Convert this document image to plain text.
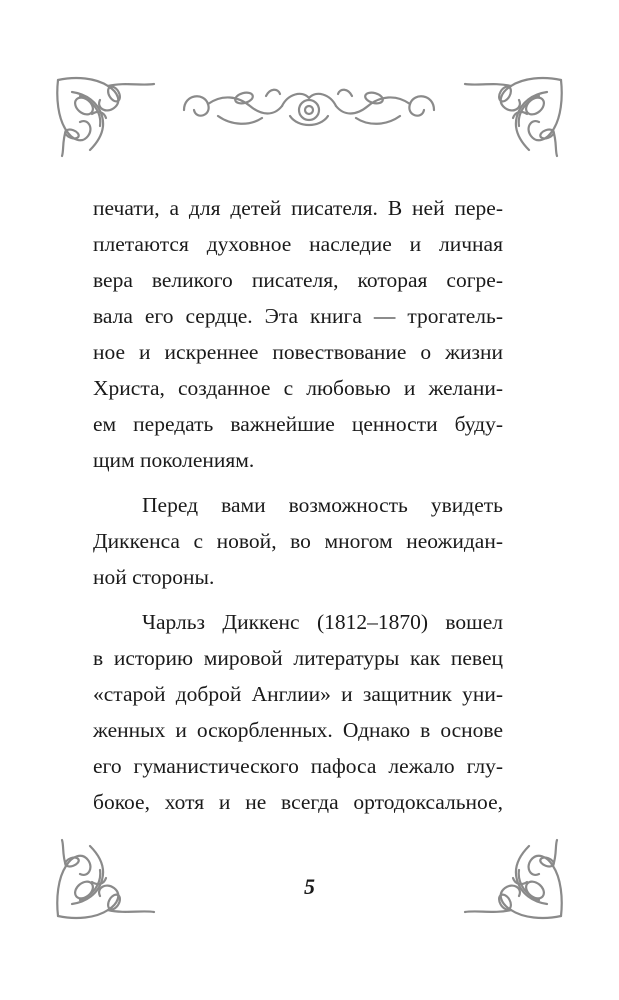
печати, а для детей писателя. В ней пере-
плетаются духовное наследие и личная
вера великого писателя, которая согре-
вала его сердце. Эта книга — трогатель-
ное и искреннее повествование о жизни
Христа, созданное с любовью и желани-
ем передать важнейшие ценности буду-
щим поколениям.

Перед вами возможность увидеть
Диккенса с новой, во многом неожидан-
ной стороны.

Чарльз Диккенс (1812–1870) вошел
в историю мировой литературы как певец
«старой доброй Англии» и защитник уни-
женных и оскорбленных. Однако в основе
его гуманистического пафоса лежало глу-
бокое, хотя и не всегда ортодоксальное,

5
